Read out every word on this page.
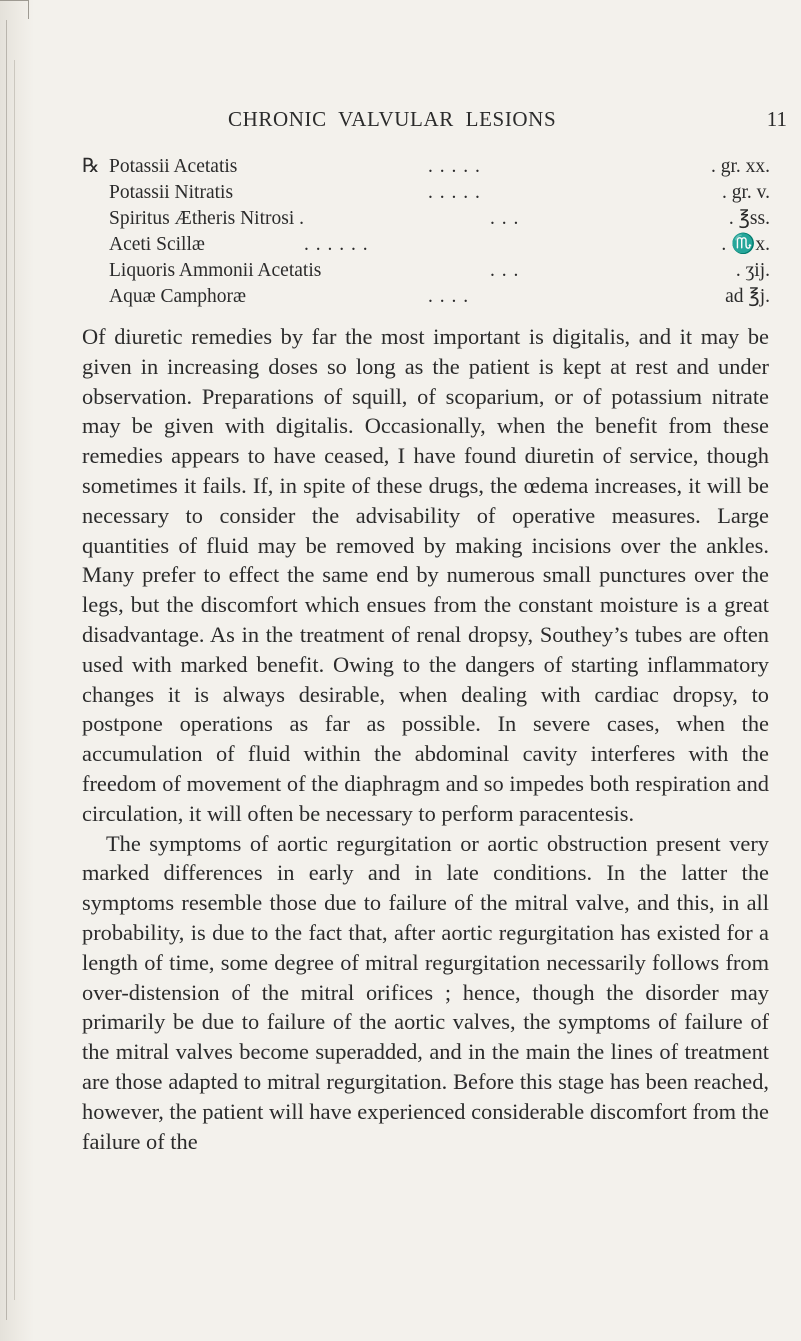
CHRONIC VALVULAR LESIONS	11
℞ Potassii Acetatis	. . . . .	. gr. xx.
Potassii Nitratis	. . . . .	. gr. v.
Spiritus Ætheris Nitrosi .	. . .	. ℥ss.
Aceti Scillæ	. . . . . .	. ♏x.
Liquoris Ammonii Acetatis	. . .	. ʒij.
Aquæ Camphoræ	. . . .	ad ℥j.

Of diuretic remedies by far the most important is digitalis, and it may be given in increasing doses so long as the patient is kept at rest and under observation. Preparations of squill, of scoparium, or of potassium nitrate may be given with digitalis. Occasionally, when the benefit from these remedies appears to have ceased, I have found diuretin of service, though sometimes it fails. If, in spite of these drugs, the œdema increases, it will be necessary to consider the advisability of operative measures. Large quantities of fluid may be removed by making incisions over the ankles. Many prefer to effect the same end by numerous small punctures over the legs, but the discomfort which ensues from the constant moisture is a great disadvantage. As in the treatment of renal dropsy, Southey’s tubes are often used with marked benefit. Owing to the dangers of starting inflammatory changes it is always desirable, when dealing with cardiac dropsy, to postpone operations as far as possible. In severe cases, when the accumulation of fluid within the abdominal cavity interferes with the freedom of movement of the diaphragm and so impedes both respiration and circulation, it will often be necessary to perform paracentesis.

The symptoms of aortic regurgitation or aortic obstruction present very marked differences in early and in late conditions. In the latter the symptoms resemble those due to failure of the mitral valve, and this, in all probability, is due to the fact that, after aortic regurgitation has existed for a length of time, some degree of mitral regurgitation necessarily follows from over-distension of the mitral orifices ; hence, though the disorder may primarily be due to failure of the aortic valves, the symptoms of failure of the mitral valves become superadded, and in the main the lines of treatment are those adapted to mitral regurgitation. Before this stage has been reached, however, the patient will have experienced considerable discomfort from the failure of the
